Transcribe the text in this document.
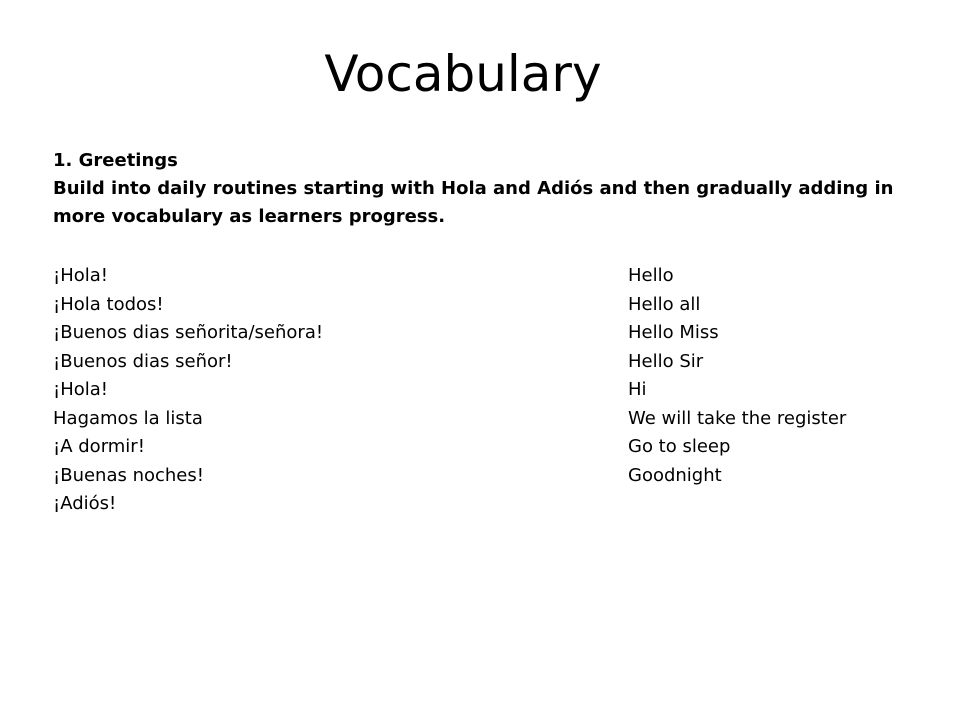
Vocabulary

1. Greetings

Build into daily routines starting with Hola and Adiós and then gradually adding in more vocabulary as learners progress.

¡Hola!	Hello
¡Hola todos!	Hello all
¡Buenos dias señorita/señora!	Hello Miss
¡Buenos dias señor!	Hello Sir
¡Hola!	Hi
Hagamos la lista	We will take the register
¡A dormir!	Go to sleep
¡Buenas noches!	Goodnight
¡Adiós!
